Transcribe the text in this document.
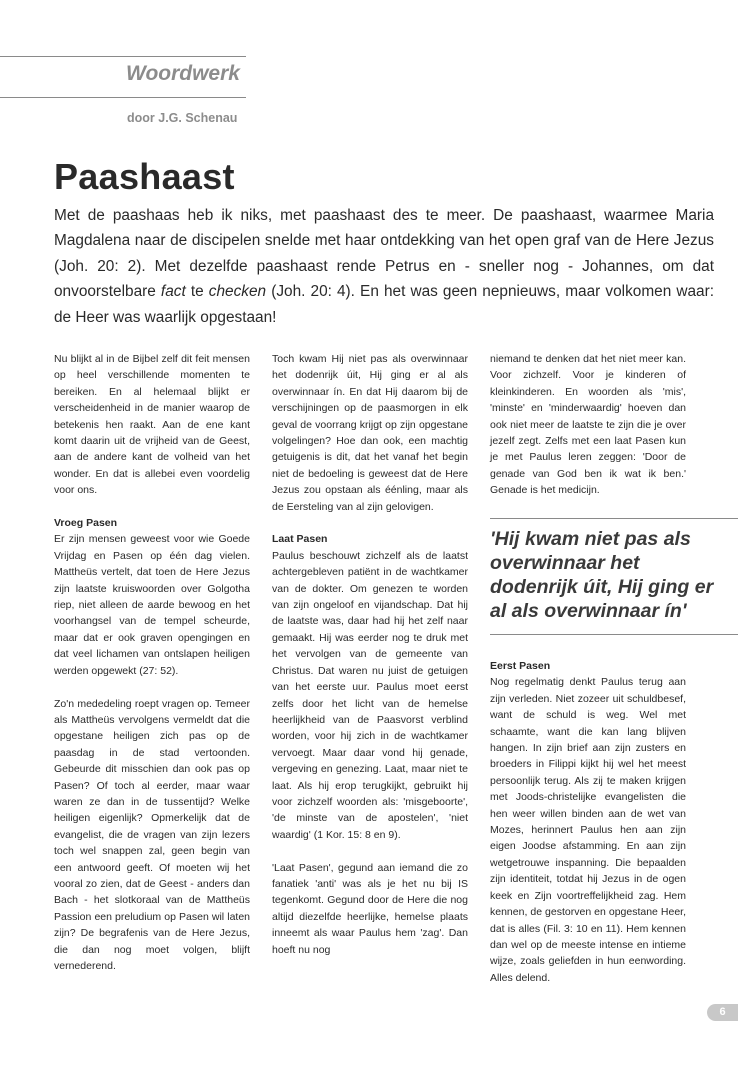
Woordwerk
door J.G. Schenau
Paashaast
Met de paashaas heb ik niks, met paashaast des te meer. De paashaast, waarmee Maria Magdalena naar de discipelen snelde met haar ontdekking van het open graf van de Here Jezus (Joh. 20: 2). Met dezelfde paashaast rende Petrus en - sneller nog - Johannes, om dat onvoorstelbare fact te checken (Joh. 20: 4). En het was geen nepnieuws, maar volkomen waar: de Heer was waarlijk opgestaan!

Nu blijkt al in de Bijbel zelf dit feit mensen op heel verschillende momenten te bereiken. En al helemaal blijkt er verscheidenheid in de manier waarop de betekenis hen raakt. Aan de ene kant komt daarin uit de vrijheid van de Geest, aan de andere kant de volheid van het wonder. En dat is allebei even voordelig voor ons.

Vroeg Pasen

Er zijn mensen geweest voor wie Goede Vrijdag en Pasen op één dag vielen. Mattheüs vertelt, dat toen de Here Jezus zijn laatste kruiswoorden over Golgotha riep, niet alleen de aarde bewoog en het voorhangsel van de tempel scheurde, maar dat er ook graven opengingen en dat veel lichamen van ontslapen heiligen werden opgewekt (27: 52).

Zo'n mededeling roept vragen op. Temeer als Mattheüs vervolgens vermeldt dat die opgestane heiligen zich pas op de paasdag in de stad vertoonden. Gebeurde dit misschien dan ook pas op Pasen? Of toch al eerder, maar waar waren ze dan in de tussentijd? Welke heiligen eigenlijk? Opmerkelijk dat de evangelist, die de vragen van zijn lezers toch wel snappen zal, geen begin van een antwoord geeft. Of moeten wij het vooral zo zien, dat de Geest - anders dan Bach - het slotkoraal van de Mattheüs Passion een preludium op Pasen wil laten zijn? De begrafenis van de Here Jezus, die dan nog moet volgen, blijft vernederend.

Toch kwam Hij niet pas als overwinnaar het dodenrijk úit, Hij ging er al als overwinnaar ín. En dat Hij daarom bij de verschijningen op de paasmorgen in elk geval de voorrang krijgt op zijn opgestane volgelingen? Hoe dan ook, een machtig getuigenis is dit, dat het vanaf het begin niet de bedoeling is geweest dat de Here Jezus zou opstaan als éénling, maar als de Eersteling van al zijn gelovigen.

Laat Pasen

Paulus beschouwt zichzelf als de laatst achtergebleven patiënt in de wachtkamer van de dokter. Om genezen te worden van zijn ongeloof en vijandschap. Dat hij de laatste was, daar had hij het zelf naar gemaakt. Hij was eerder nog te druk met het vervolgen van de gemeente van Christus. Dat waren nu juist de getuigen van het eerste uur. Paulus moet eerst zelfs door het licht van de hemelse heerlijkheid van de Paasvorst verblind worden, voor hij zich in de wachtkamer vervoegt. Maar daar vond hij genade, vergeving en genezing. Laat, maar niet te laat. Als hij erop terugkijkt, gebruikt hij voor zichzelf woorden als: 'misgeboorte', 'de minste van de apostelen', 'niet waardig' (1 Kor. 15: 8 en 9).

'Laat Pasen', gegund aan iemand die zo fanatiek 'anti' was als je het nu bij IS tegenkomt. Gegund door de Here die nog altijd diezelfde heerlijke, hemelse plaats inneemt als waar Paulus hem 'zag'. Dan hoeft nu nog

niemand te denken dat het niet meer kan. Voor zichzelf. Voor je kinderen of kleinkinderen. En woorden als 'mis', 'minste' en 'minderwaardig' hoeven dan ook niet meer de laatste te zijn die je over jezelf zegt. Zelfs met een laat Pasen kun je met Paulus leren zeggen: 'Door de genade van God ben ik wat ik ben.' Genade is het medicijn.

'Hij kwam niet pas als overwinnaar het dodenrijk úit, Hij ging er al als overwinnaar ín'
Eerst Pasen

Nog regelmatig denkt Paulus terug aan zijn verleden. Niet zozeer uit schuldbesef, want de schuld is weg. Wel met schaamte, want die kan lang blijven hangen. In zijn brief aan zijn zusters en broeders in Filippi kijkt hij wel het meest persoonlijk terug. Als zij te maken krijgen met Joods-christelijke evangelisten die hen weer willen binden aan de wet van Mozes, herinnert Paulus hen aan zijn eigen Joodse afstamming. En aan zijn wetgetrouwe inspanning. Die bepaalden zijn identiteit, totdat hij Jezus in de ogen keek en Zijn voortreffelijkheid zag. Hem kennen, de gestorven en opgestane Heer, dat is alles (Fil. 3: 10 en 11). Hem kennen dan wel op de meeste intense en intieme wijze, zoals geliefden in hun eenwording. Alles delend.

6
